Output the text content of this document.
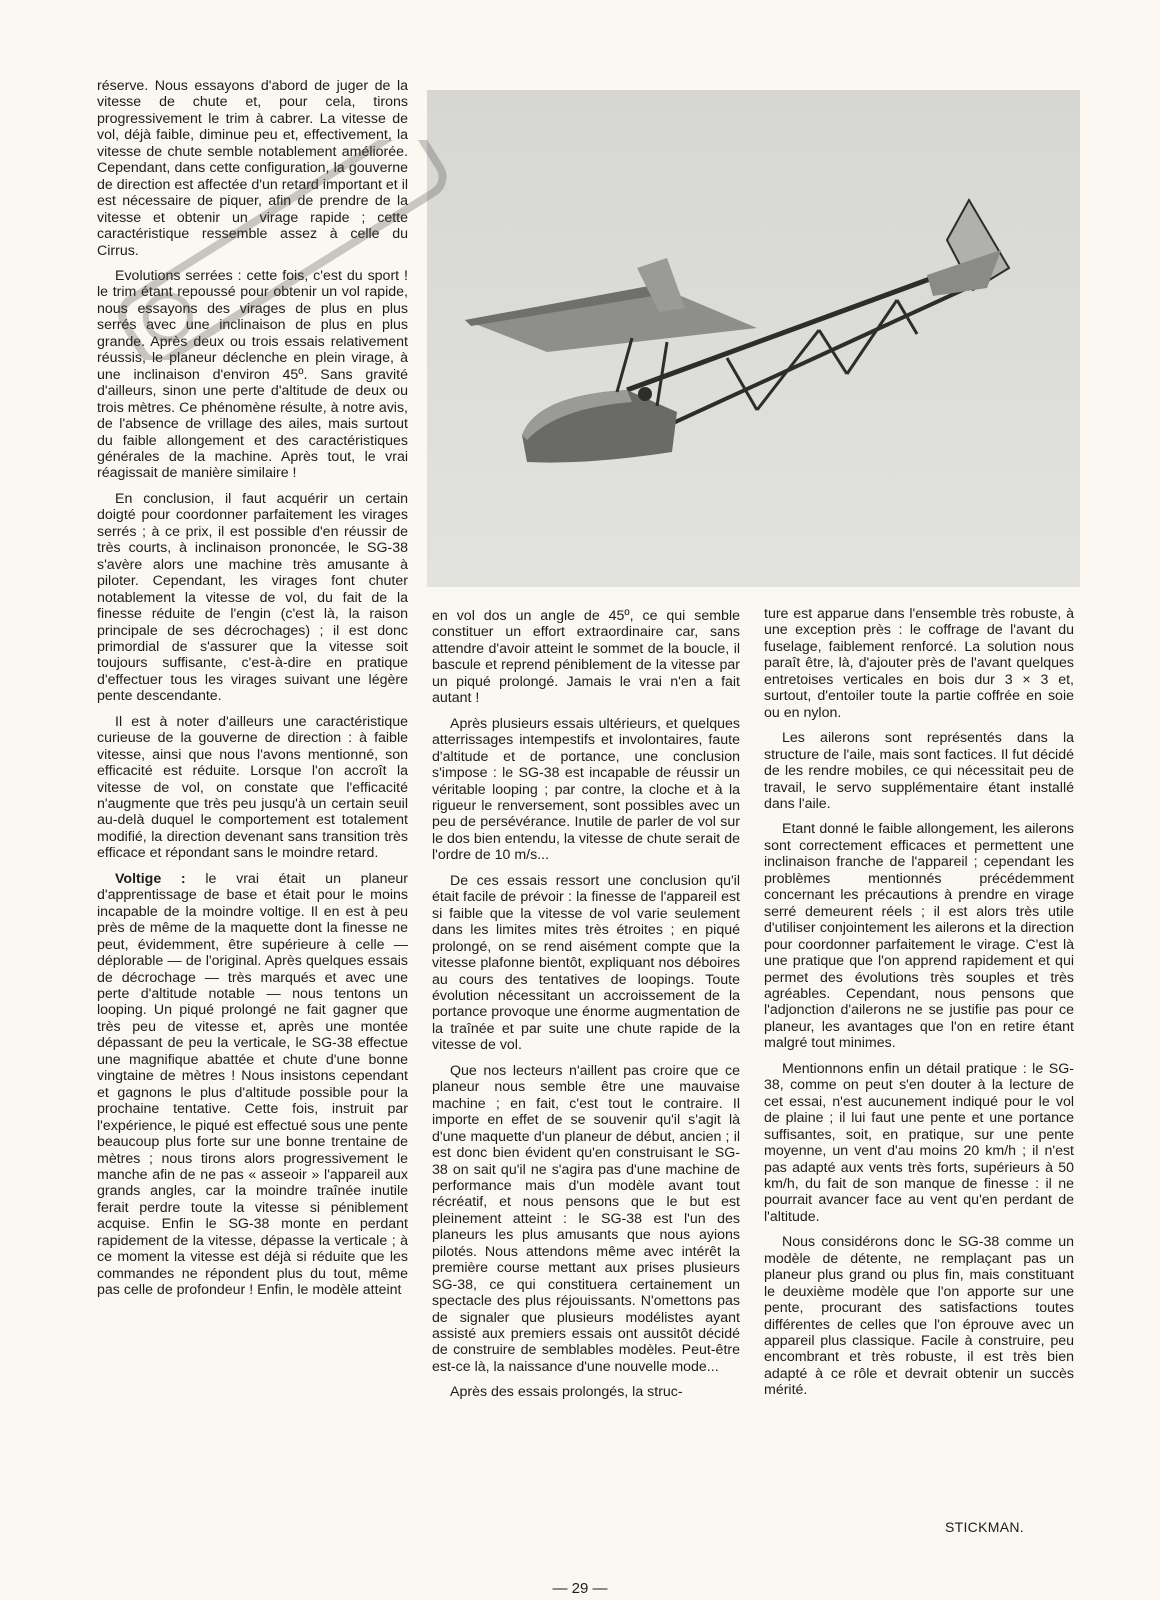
réserve. Nous essayons d'abord de juger de la vitesse de chute et, pour cela, tirons progressivement le trim à cabrer. La vitesse de vol, déjà faible, diminue peu et, effectivement, la vitesse de chute semble notablement améliorée. Cependant, dans cette configuration, la gouverne de direction est affectée d'un retard important et il est nécessaire de piquer, afin de prendre de la vitesse et obtenir un virage rapide ; cette caractéristique ressemble assez à celle du Cirrus.

Evolutions serrées : cette fois, c'est du sport ! le trim étant repoussé pour obtenir un vol rapide, nous essayons des virages de plus en plus serrés avec une inclinaison de plus en plus grande. Après deux ou trois essais relativement réussis, le planeur déclenche en plein virage, à une inclinaison d'environ 45º. Sans gravité d'ailleurs, sinon une perte d'altitude de deux ou trois mètres. Ce phénomène résulte, à notre avis, de l'absence de vrillage des ailes, mais surtout du faible allongement et des caractéristiques générales de la machine. Après tout, le vrai réagissait de manière similaire !

En conclusion, il faut acquérir un certain doigté pour coordonner parfaitement les virages serrés ; à ce prix, il est possible d'en réussir de très courts, à inclinaison prononcée, le SG-38 s'avère alors une machine très amusante à piloter. Cependant, les virages font chuter notablement la vitesse de vol, du fait de la finesse réduite de l'engin (c'est là, la raison principale de ses décrochages) ; il est donc primordial de s'assurer que la vitesse soit toujours suffisante, c'est-à-dire en pratique d'effectuer tous les virages suivant une légère pente descendante.

Il est à noter d'ailleurs une caractéristique curieuse de la gouverne de direction : à faible vitesse, ainsi que nous l'avons mentionné, son efficacité est réduite. Lorsque l'on accroît la vitesse de vol, on constate que l'efficacité n'augmente que très peu jusqu'à un certain seuil au-delà duquel le comportement est totalement modifié, la direction devenant sans transition très efficace et répondant sans le moindre retard.

Voltige : le vrai était un planeur d'apprentissage de base et était pour le moins incapable de la moindre voltige. Il en est à peu près de même de la maquette dont la finesse ne peut, évidemment, être supérieure à celle — déplorable — de l'original. Après quelques essais de décrochage — très marqués et avec une perte d'altitude notable — nous tentons un looping. Un piqué prolongé ne fait gagner que très peu de vitesse et, après une montée dépassant de peu la verticale, le SG-38 effectue une magnifique abattée et chute d'une bonne vingtaine de mètres ! Nous insistons cependant et gagnons le plus d'altitude possible pour la prochaine tentative. Cette fois, instruit par l'expérience, le piqué est effectué sous une pente beaucoup plus forte sur une bonne trentaine de mètres ; nous tirons alors progressivement le manche afin de ne pas « asseoir » l'appareil aux grands angles, car la moindre traînée inutile ferait perdre toute la vitesse si péniblement acquise. Enfin le SG-38 monte en perdant rapidement de la vitesse, dépasse la verticale ; à ce moment la vitesse est déjà si réduite que les commandes ne répondent plus du tout, même pas celle de profondeur ! Enfin, le modèle atteint

en vol dos un angle de 45º, ce qui semble constituer un effort extraordinaire car, sans attendre d'avoir atteint le sommet de la boucle, il bascule et reprend péniblement de la vitesse par un piqué prolongé. Jamais le vrai n'en a fait autant !

Après plusieurs essais ultérieurs, et quelques atterrissages intempestifs et involontaires, faute d'altitude et de portance, une conclusion s'impose : le SG-38 est incapable de réussir un véritable looping ; par contre, la cloche et à la rigueur le renversement, sont possibles avec un peu de persévérance. Inutile de parler de vol sur le dos bien entendu, la vitesse de chute serait de l'ordre de 10 m/s...

De ces essais ressort une conclusion qu'il était facile de prévoir : la finesse de l'appareil est si faible que la vitesse de vol varie seulement dans les limites mites très étroites ; en piqué prolongé, on se rend aisément compte que la vitesse plafonne bientôt, expliquant nos déboires au cours des tentatives de loopings. Toute évolution nécessitant un accroissement de la portance provoque une énorme augmentation de la traînée et par suite une chute rapide de la vitesse de vol.

Que nos lecteurs n'aillent pas croire que ce planeur nous semble être une mauvaise machine ; en fait, c'est tout le contraire. Il importe en effet de se souvenir qu'il s'agit là d'une maquette d'un planeur de début, ancien ; il est donc bien évident qu'en construisant le SG-38 on sait qu'il ne s'agira pas d'une machine de performance mais d'un modèle avant tout récréatif, et nous pensons que le but est pleinement atteint : le SG-38 est l'un des planeurs les plus amusants que nous ayions pilotés. Nous attendons même avec intérêt la première course mettant aux prises plusieurs SG-38, ce qui constituera certainement un spectacle des plus réjouissants. N'omettons pas de signaler que plusieurs modélistes ayant assisté aux premiers essais ont aussitôt décidé de construire de semblables modèles. Peut-être est-ce là, la naissance d'une nouvelle mode...

Après des essais prolongés, la struc-

ture est apparue dans l'ensemble très robuste, à une exception près : le coffrage de l'avant du fuselage, faiblement renforcé. La solution nous paraît être, là, d'ajouter près de l'avant quelques entretoises verticales en bois dur 3 × 3 et, surtout, d'entoiler toute la partie coffrée en soie ou en nylon.

Les ailerons sont représentés dans la structure de l'aile, mais sont factices. Il fut décidé de les rendre mobiles, ce qui nécessitait peu de travail, le servo supplémentaire étant installé dans l'aile.

Etant donné le faible allongement, les ailerons sont correctement efficaces et permettent une inclinaison franche de l'appareil ; cependant les problèmes mentionnés précédemment concernant les précautions à prendre en virage serré demeurent réels ; il est alors très utile d'utiliser conjointement les ailerons et la direction pour coordonner parfaitement le virage. C'est là une pratique que l'on apprend rapidement et qui permet des évolutions très souples et très agréables. Cependant, nous pensons que l'adjonction d'ailerons ne se justifie pas pour ce planeur, les avantages que l'on en retire étant malgré tout minimes.

Mentionnons enfin un détail pratique : le SG-38, comme on peut s'en douter à la lecture de cet essai, n'est aucunement indiqué pour le vol de plaine ; il lui faut une pente et une portance suffisantes, soit, en pratique, sur une pente moyenne, un vent d'au moins 20 km/h ; il n'est pas adapté aux vents très forts, supérieurs à 50 km/h, du fait de son manque de finesse : il ne pourrait avancer face au vent qu'en perdant de l'altitude.

Nous considérons donc le SG-38 comme un modèle de détente, ne remplaçant pas un planeur plus grand ou plus fin, mais constituant le deuxième modèle que l'on apporte sur une pente, procurant des satisfactions toutes différentes de celles que l'on éprouve avec un appareil plus classique. Facile à construire, peu encombrant et très robuste, il est très bien adapté à ce rôle et devrait obtenir un succès mérité.

STICKMAN.
— 29 —
